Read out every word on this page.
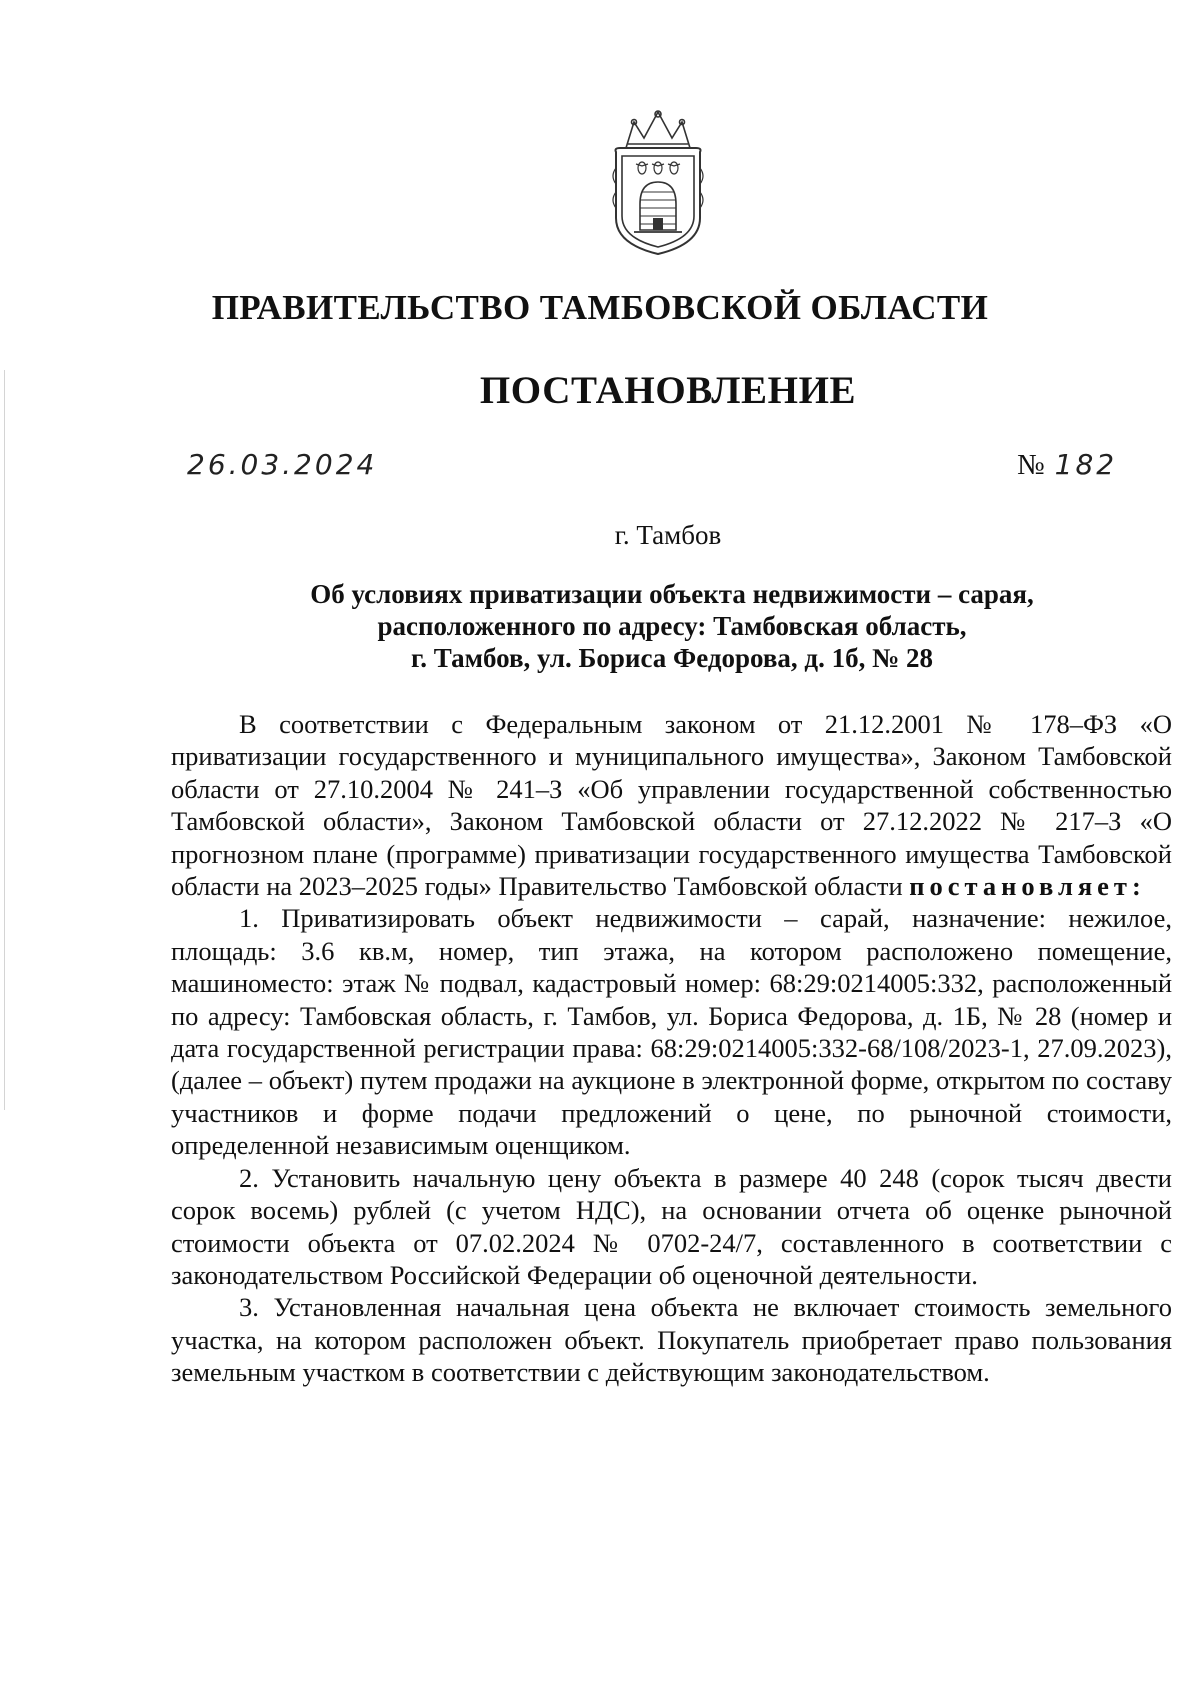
ПРАВИТЕЛЬСТВО ТАМБОВСКОЙ ОБЛАСТИ
ПОСТАНОВЛЕНИЕ
26.03.2024	№ 182
г. Тамбов
Об условиях приватизации объекта недвижимости – сарая,
расположенного по адресу: Тамбовская область,
г. Тамбов, ул. Бориса Федорова, д. 1б, № 28

В соответствии с Федеральным законом от 21.12.2001 № 178–ФЗ «О приватизации государственного и муниципального имущества», Законом Тамбовской области от 27.10.2004 № 241–З «Об управлении государственной собственностью Тамбовской области», Законом Тамбовской области от 27.12.2022 № 217–З «О прогнозном плане (программе) приватизации государственного имущества Тамбовской области на 2023–2025 годы» Правительство Тамбовской области постановляет:

1. Приватизировать объект недвижимости – сарай, назначение: нежилое, площадь: 3.6 кв.м, номер, тип этажа, на котором расположено помещение, машиноместо: этаж № подвал, кадастровый номер: 68:29:0214005:332, расположенный по адресу: Тамбовская область, г. Тамбов, ул. Бориса Федорова, д. 1Б, № 28 (номер и дата государственной регистрации права: 68:29:0214005:332-68/108/2023-1, 27.09.2023), (далее – объект) путем продажи на аукционе в электронной форме, открытом по составу участников и форме подачи предложений о цене, по рыночной стоимости, определенной независимым оценщиком.

2. Установить начальную цену объекта в размере 40 248 (сорок тысяч двести сорок восемь) рублей (с учетом НДС), на основании отчета об оценке рыночной стоимости объекта от 07.02.2024 № 0702-24/7, составленного в соответствии с законодательством Российской Федерации об оценочной деятельности.

3. Установленная начальная цена объекта не включает стоимость земельного участка, на котором расположен объект. Покупатель приобретает право пользования земельным участком в соответствии с действующим законодательством.
